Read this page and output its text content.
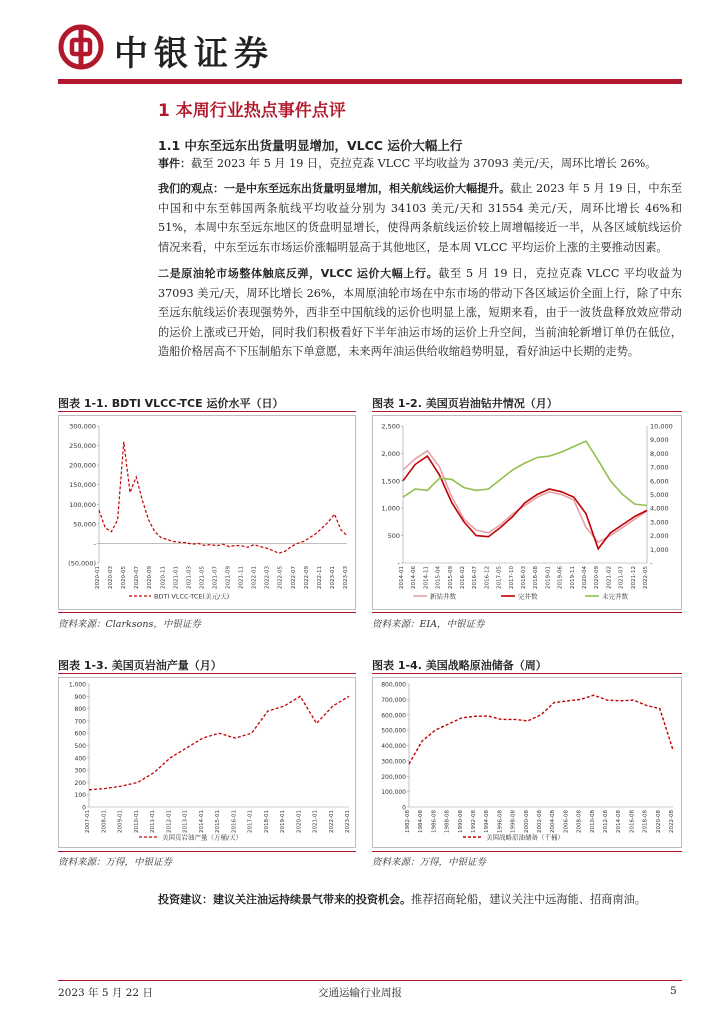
中银证券
1 本周行业热点事件点评
1.1 中东至远东出货量明显增加，VLCC 运价大幅上行
事件：截至 2023 年 5 月 19 日，克拉克森 VLCC 平均收益为 37093 美元/天，周环比增长 26%。
我们的观点：一是中东至远东出货量明显增加，相关航线运价大幅提升。截止 2023 年 5 月 19 日，中东至中国和中东至韩国两条航线平均收益分别为 34103 美元/天和 31554 美元/天，周环比增长 46%和 51%，本周中东至远东地区的货盘明显增长，使得两条航线运价较上周增幅接近一半，从各区域航线运价情况来看，中东至远东市场运价涨幅明显高于其他地区，是本周 VLCC 平均运价上涨的主要推动因素。
二是原油轮市场整体触底反弹，VLCC 运价大幅上行。截至 5 月 19 日，克拉克森 VLCC 平均收益为 37093 美元/天，周环比增长 26%，本周原油轮市场在中东市场的带动下各区域运价全面上行，除了中东至远东航线运价表现强势外，西非至中国航线的运价也明显上涨，短期来看，由于一波货盘释放效应带动的运价上涨或已开始，同时我们积极看好下半年油运市场的运价上升空间，当前油轮新增订单仍在低位，造船价格居高不下压制船东下单意愿，未来两年油运供给收缩趋势明显，看好油运中长期的走势。
图表 1-1. BDTI VLCC-TCE 运价水平（日）	图表 1-2. 美国页岩油钻井情况（月）
300,000
250,000
200,000
150,000
100,000
50,000
-
(50,000)
2020-01 2020-03 2020-05 2020-07 2020-09 2020-11 2021-01 2021-03 2021-05 2021-07 2021-09 2021-11 2022-01 2022-03 2022-05 2022-07 2022-09 2022-11 2023-01 2023-03
BDTI VLCC-TCE(美元/天)
2,500
2,000
1,500
1,000
500
-
10,000
9,000
8,000
7,000
6,000
5,000
4,000
3,000
2,000
1,000
-
2014-01 2014-06 2014-11 2015-04 2015-09 2016-02 2016-07 2016-12 2017-05 2017-10 2018-03 2018-08 2019-01 2019-06 2019-11 2020-04 2020-09 2021-02 2021-07 2021-12 2022-05
新钻井数	完井数	未完井数
资料来源：Clarksons，中银证券	资料来源：EIA，中银证券
图表 1-3. 美国页岩油产量（月）	图表 1-4. 美国战略原油储备（周）
1,000
900
800
700
600
500
400
300
200
100
0
2007-01 2008-01 2009-01 2010-01 2011-01 2012-01 2013-01 2014-01 2015-01 2016-01 2017-01 2018-01 2019-01 2020-01 2021-01 2022-01 2023-01
美国页岩油产量（万桶/天）
800,000
700,000
600,000
500,000
400,000
300,000
200,000
100,000
0
1982-08 1984-08 1986-08 1988-08 1990-08 1992-08 1994-08 1996-08 1998-08 2000-08 2002-08 2004-08 2006-08 2008-08 2010-08 2012-08 2014-08 2016-08 2018-08 2020-08 2022-08
美国战略原油储备（千桶）
资料来源：万得，中银证券	资料来源：万得，中银证券
投资建议：建议关注油运持续景气带来的投资机会。推荐招商轮船，建议关注中远海能、招商南油。
2023 年 5 月 22 日	交通运输行业周报	5
